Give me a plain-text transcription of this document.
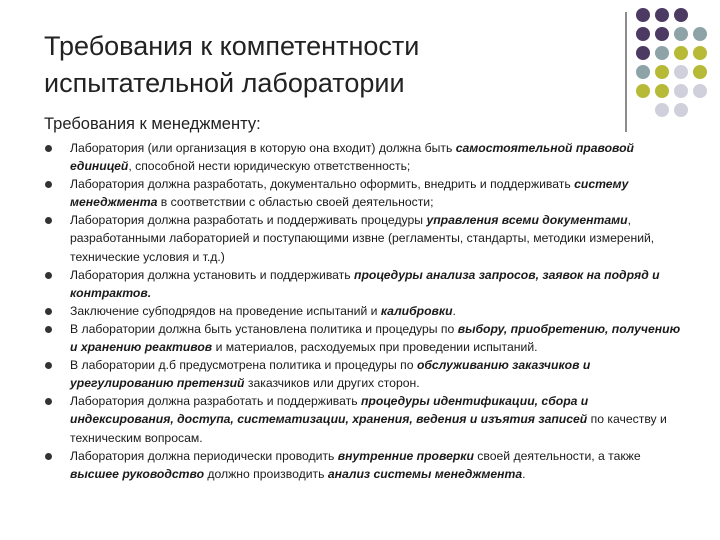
Требования к компетентности испытательной лаборатории
Требования к менеджменту:
Лаборатория (или организация в которую она входит) должна быть самостоятельной правовой единицей, способной нести юридическую ответственность;
Лаборатория должна разработать, документально оформить, внедрить и поддерживать систему менеджмента в соответствии с областью своей деятельности;
Лаборатория должна разработать и поддерживать процедуры управления всеми документами, разработанными лабораторией и поступающими извне (регламенты, стандарты, методики измерений, технические условия и т.д.)
Лаборатория должна установить и поддерживать процедуры анализа запросов, заявок на подряд и контрактов.
Заключение субподрядов на проведение испытаний и калибровки.
В лаборатории должна быть установлена политика и процедуры по выбору, приобретению, получению и хранению реактивов и материалов, расходуемых при проведении испытаний.
В лаборатории д.б предусмотрена политика и процедуры по обслуживанию заказчиков и урегулированию претензий заказчиков или других сторон.
Лаборатория должна разработать и поддерживать процедуры идентификации, сбора и индексирования, доступа, систематизации, хранения, ведения и изъятия записей по качеству и техническим вопросам.
Лаборатория должна периодически проводить внутренние проверки своей деятельности, а также высшее руководство должно производить анализ системы менеджмента.
